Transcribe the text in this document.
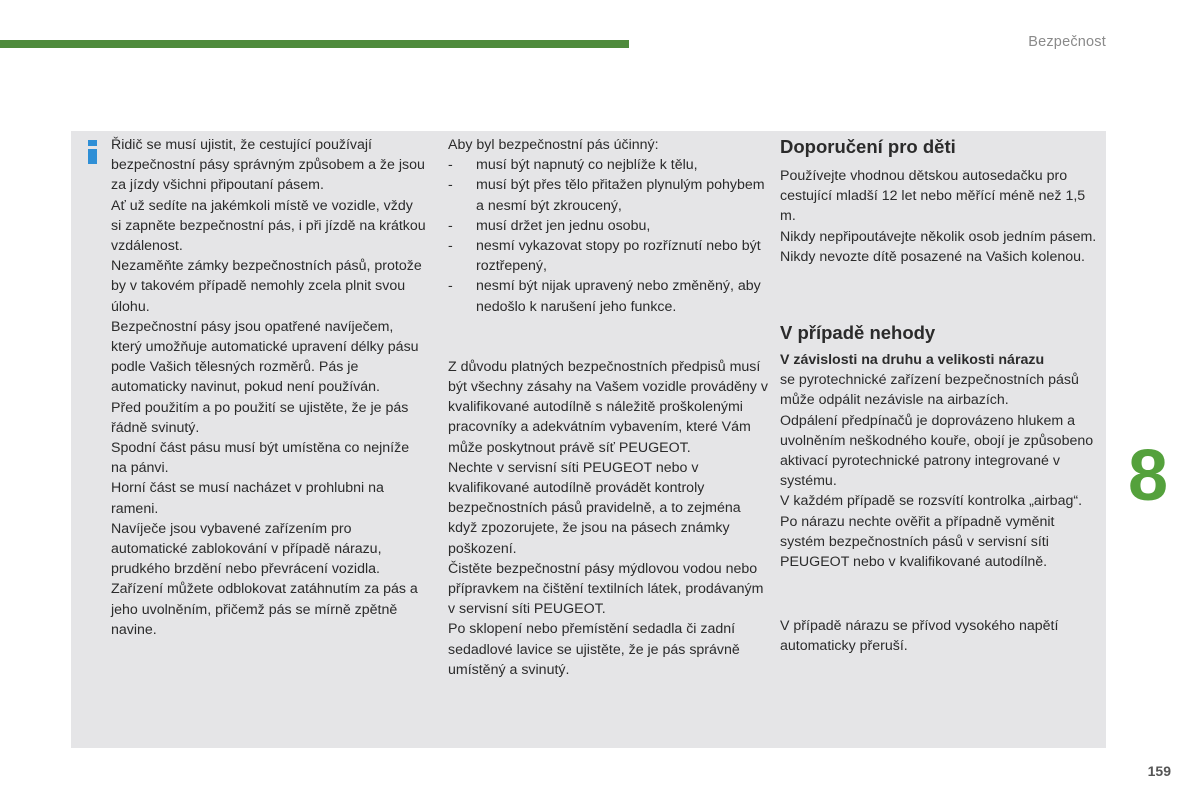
Bezpečnost

Řidič se musí ujistit, že cestující používají bezpečnostní pásy správným způsobem a že jsou za jízdy všichni připoutaní pásem.

Ať už sedíte na jakémkoli místě ve vozidle, vždy si zapněte bezpečnostní pás, i při jízdě na krátkou vzdálenost.

Nezaměňte zámky bezpečnostních pásů, protože by v takovém případě nemohly zcela plnit svou úlohu.

Bezpečnostní pásy jsou opatřené navíječem, který umožňuje automatické upravení délky pásu podle Vašich tělesných rozměrů. Pás je automaticky navinut, pokud není používán.

Před použitím a po použití se ujistěte, že je pás řádně svinutý.

Spodní část pásu musí být umístěna co nejníže na pánvi.

Horní část se musí nacházet v prohlubni na rameni.

Navíječe jsou vybavené zařízením pro automatické zablokování v případě nárazu, prudkého brzdění nebo převrácení vozidla.

Zařízení můžete odblokovat zatáhnutím za pás a jeho uvolněním, přičemž pás se mírně zpětně navine.

Aby byl bezpečnostní pás účinný:

- musí být napnutý co nejblíže k tělu,
- musí být přes tělo přitažen plynulým pohybem a nesmí být zkroucený,
- musí držet jen jednu osobu,
- nesmí vykazovat stopy po rozříznutí nebo být roztřepený,
- nesmí být nijak upravený nebo změněný, aby nedošlo k narušení jeho funkce.

Z důvodu platných bezpečnostních předpisů musí být všechny zásahy na Vašem vozidle prováděny v kvalifikované autodílně s náležitě proškolenými pracovníky a adekvátním vybavením, které Vám může poskytnout právě síť PEUGEOT.

Nechte v servisní síti PEUGEOT nebo v kvalifikované autodílně provádět kontroly bezpečnostních pásů pravidelně, a to zejména když zpozorujete, že jsou na pásech známky poškození.

Čistěte bezpečnostní pásy mýdlovou vodou nebo přípravkem na čištění textilních látek, prodávaným v servisní síti PEUGEOT.

Po sklopení nebo přemístění sedadla či zadní sedadlové lavice se ujistěte, že je pás správně umístěný a svinutý.

Doporučení pro děti

Používejte vhodnou dětskou autosedačku pro cestující mladší 12 let nebo měřící méně než 1,5 m.

Nikdy nepřipoutávejte několik osob jedním pásem.

Nikdy nevozte dítě posazené na Vašich kolenou.

V případě nehody

V závislosti na druhu a velikosti nárazu

se pyrotechnické zařízení bezpečnostních pásů může odpálit nezávisle na airbazích.

Odpálení předpínačů je doprovázeno hlukem a uvolněním neškodného kouře, obojí je způsobeno aktivací pyrotechnické patrony integrované v systému.

V každém případě se rozsvítí kontrolka „airbag“.

Po nárazu nechte ověřit a případně vyměnit systém bezpečnostních pásů v servisní síti PEUGEOT nebo v kvalifikované autodílně.

V případě nárazu se přívod vysokého napětí automaticky přeruší.

8
159
